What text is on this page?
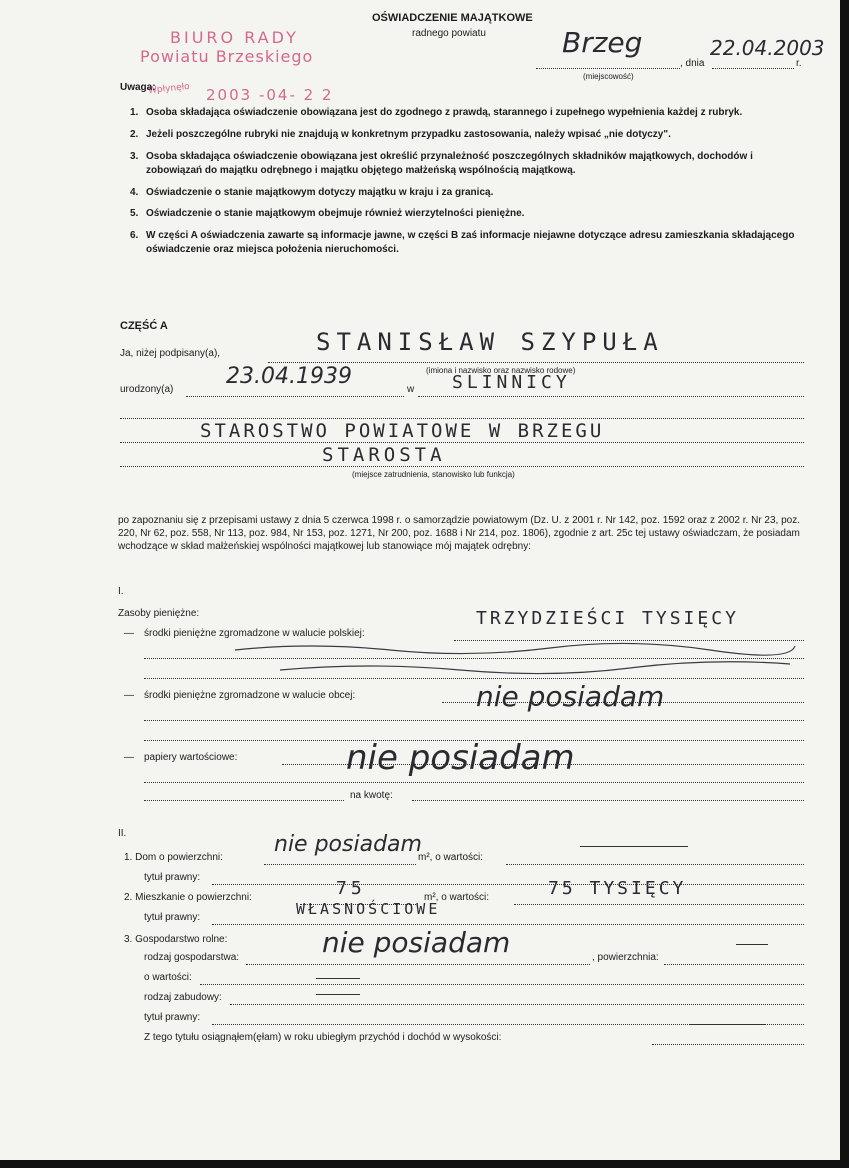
BIURO RADY
Powiatu Brzeskiego
Wpłynęło 2003 -04- 2 2
OŚWIADCZENIE MAJĄTKOWE
radnego powiatu	Brzeg
, dnia
22.04.2003
r.
(miejscowość)
Uwaga:
1. Osoba składająca oświadczenie obowiązana jest do zgodnego z prawdą, starannego i zupełnego wypełnienia każdej z rubryk.
2. Jeżeli poszczególne rubryki nie znajdują w konkretnym przypadku zastosowania, należy wpisać „nie dotyczy".
3. Osoba składająca oświadczenie obowiązana jest określić przynależność poszczególnych składników majątkowych, dochodów i zobowiązań do majątku odrębnego i majątku objętego małżeńską wspólnością majątkową.
4. Oświadczenie o stanie majątkowym dotyczy majątku w kraju i za granicą.
5. Oświadczenie o stanie majątkowym obejmuje również wierzytelności pieniężne.
6. W części A oświadczenia zawarte są informacje jawne, w części B zaś informacje niejawne dotyczące adresu zamieszkania składającego oświadczenie oraz miejsca położenia nieruchomości.
CZĘŚĆ A
Ja, niżej podpisany(a),	STANISŁAW SZYPUŁA
(imiona i nazwisko oraz nazwisko rodowe)
urodzony(a)
23.04.1939
w SLINNICY
STAROSTWO POWIATOWE W BRZEGU
STAROSTA
(miejsce zatrudnienia, stanowisko lub funkcja)
po zapoznaniu się z przepisami ustawy z dnia 5 czerwca 1998 r. o samorządzie powiatowym (Dz. U. z 2001 r. Nr 142, poz. 1592 oraz z 2002 r. Nr 23, poz. 220, Nr 62, poz. 558, Nr 113, poz. 984, Nr 153, poz. 1271, Nr 200, poz. 1688 i Nr 214, poz. 1806), zgodnie z art. 25c tej ustawy oświadczam, że posiadam wchodzące w skład małżeńskiej wspólności majątkowej lub stanowiące mój majątek odrębny:
I.
Zasoby pieniężne:
— środki pieniężne zgromadzone w walucie polskiej:
TRZYDZIEŚCI TYSIĘCY
— środki pieniężne zgromadzone w walucie obcej:	nie posiadam
— papiery wartościowe:	nie posiadam
na kwotę:
II.
1. Dom o powierzchni:
nie posiadam
m², o wartości:
tytuł prawny:
2. Mieszkanie o powierzchni:	75	m², o wartości:	75 TYSIĘCY
tytuł prawny:	WŁASNOŚCIOWE
3. Gospodarstwo rolne:
rodzaj gospodarstwa:	nie posiadam	, powierzchnia:
o wartości:
rodzaj zabudowy:
tytuł prawny:
Z tego tytułu osiągnąłem(ęłam) w roku ubiegłym przychód i dochód w wysokości:
